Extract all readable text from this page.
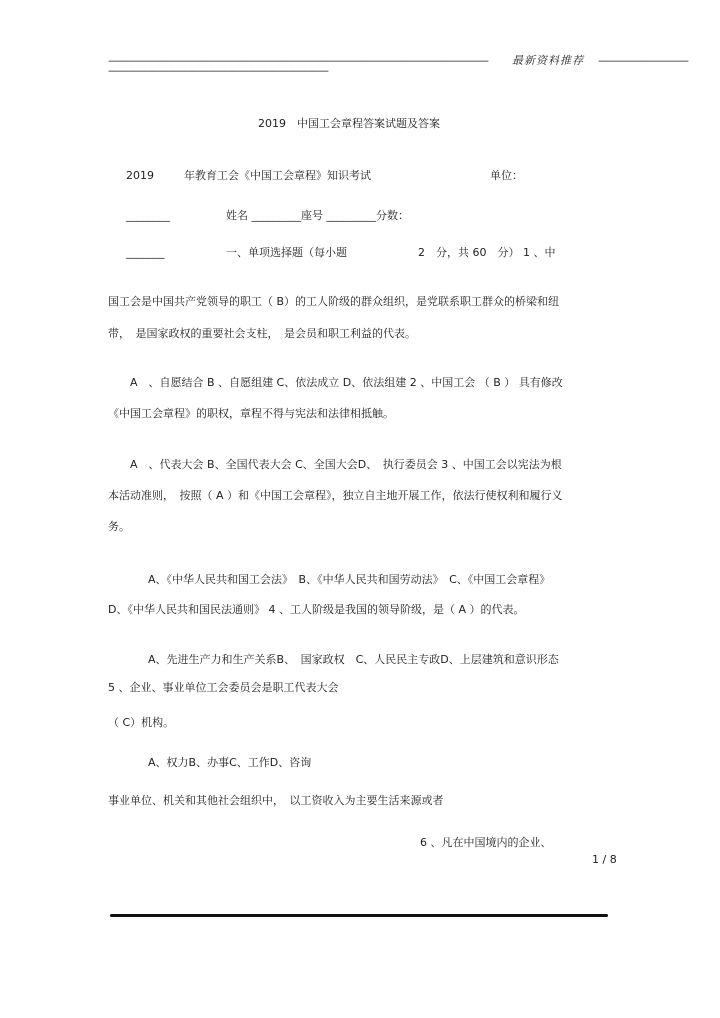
—————————————————————————————————————— 最新资料推荐 —————————
——————————————————————
2019　中国工会章程答案试题及答案
2019	年教育工会《中国工会章程》知识考试	单位：
________	姓名 _________座号 _________分数：
_______	一、单项选择题（每小题	2　分，共 60　分） 1 、中
国工会是中国共产党领导的职工（ B）的工人阶级的群众组织，是党联系职工群众的桥梁和纽
带，　是国家政权的重要社会支柱，　是会员和职工利益的代表。
A　、自愿结合 B 、自愿组建 C、依法成立 D、依法组建 2 、中国工会 （ B ） 具有修改
《中国工会章程》的职权，章程不得与宪法和法律相抵触。
A　、代表大会 B、全国代表大会 C、全国大会D、　执行委员会 3 、中国工会以宪法为根
本活动准则，　按照（ A ）和《中国工会章程》，独立自主地开展工作，依法行使权利和履行义
务。
A、《中华人民共和国工会法》　B、《中华人民共和国劳动法》　C、《中国工会章程》
D、《中华人民共和国民法通则》 4 、工人阶级是我国的领导阶级，是（ A ）的代表。
A、先进生产力和生产关系B、　国家政权　C、人民民主专政D、上层建筑和意识形态
5 、企业、事业单位工会委员会是职工代表大会
（ C）机构。
A、权力B、办事C、工作D、咨询
事业单位、机关和其他社会组织中，　以工资收入为主要生活来源或者
6 、凡在中国境内的企业、
1 / 8
